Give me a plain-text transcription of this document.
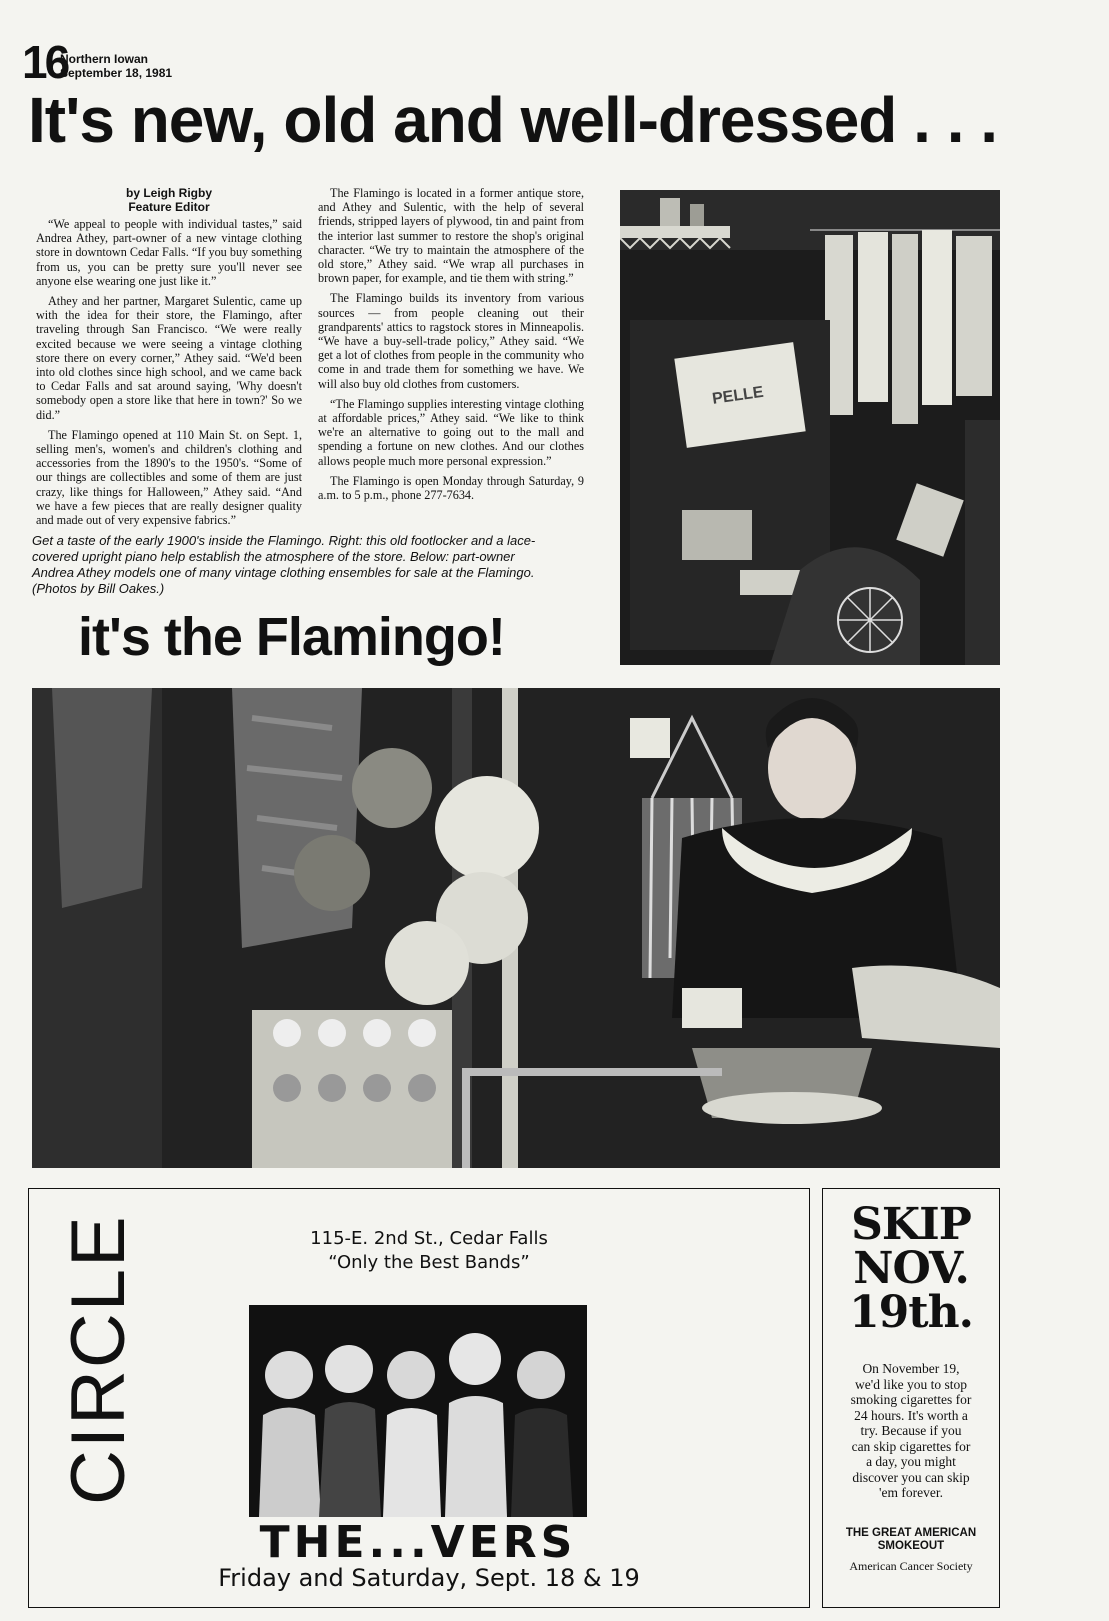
16
Northern Iowan
September 18, 1981
It's new, old and well-dressed . . .
by Leigh Rigby
Feature Editor

“We appeal to people with individual tastes,” said Andrea Athey, part-owner of a new vintage clothing store in downtown Cedar Falls. “If you buy something from us, you can be pretty sure you'll never see anyone else wearing one just like it.”

Athey and her partner, Margaret Sulentic, came up with the idea for their store, the Flamingo, after traveling through San Francisco. “We were really excited because we were seeing a vintage clothing store there on every corner,” Athey said. “We'd been into old clothes since high school, and we came back to Cedar Falls and sat around saying, 'Why doesn't somebody open a store like that here in town?' So we did.”

The Flamingo opened at 110 Main St. on Sept. 1, selling men's, women's and children's clothing and accessories from the 1890's to the 1950's. “Some of our things are collectibles and some of them are just crazy, like things for Halloween,” Athey said. “And we have a few pieces that are really designer quality and made out of very expensive fabrics.”

The Flamingo is located in a former antique store, and Athey and Sulentic, with the help of several friends, stripped layers of plywood, tin and paint from the interior last summer to restore the shop's original character. “We try to maintain the atmosphere of the old store,” Athey said. “We wrap all purchases in brown paper, for example, and tie them with string.”

The Flamingo builds its inventory from various sources — from people cleaning out their grandparents' attics to ragstock stores in Minneapolis. “We have a buy-sell-trade policy,” Athey said. “We get a lot of clothes from people in the community who come in and trade them for something we have. We will also buy old clothes from customers.

“The Flamingo supplies interesting vintage clothing at affordable prices,” Athey said. “We like to think we're an alternative to going out to the mall and spending a fortune on new clothes. And our clothes allows people much more personal expression.”

The Flamingo is open Monday through Saturday, 9 a.m. to 5 p.m., phone 277-7634.

Get a taste of the early 1900's inside the Flamingo. Right: this old footlocker and a lace-
covered upright piano help establish the atmosphere of the store. Below: part-owner
Andrea Athey models one of many vintage clothing ensembles for sale at the Flamingo.
(Photos by Bill Oakes.)
it's the Flamingo!
PELLE
CIRCLE	115-E. 2nd St., Cedar Falls
“Only the Best Bands”
THE...VERS
Friday and Saturday, Sept. 18 & 19
SKIP
NOV.
19th.
On November 19,
we'd like you to stop
smoking cigarettes for
24 hours. It's worth a
try. Because if you
can skip cigarettes for
a day, you might
discover you can skip
'em forever.
THE GREAT AMERICAN
SMOKEOUT
American Cancer Society
